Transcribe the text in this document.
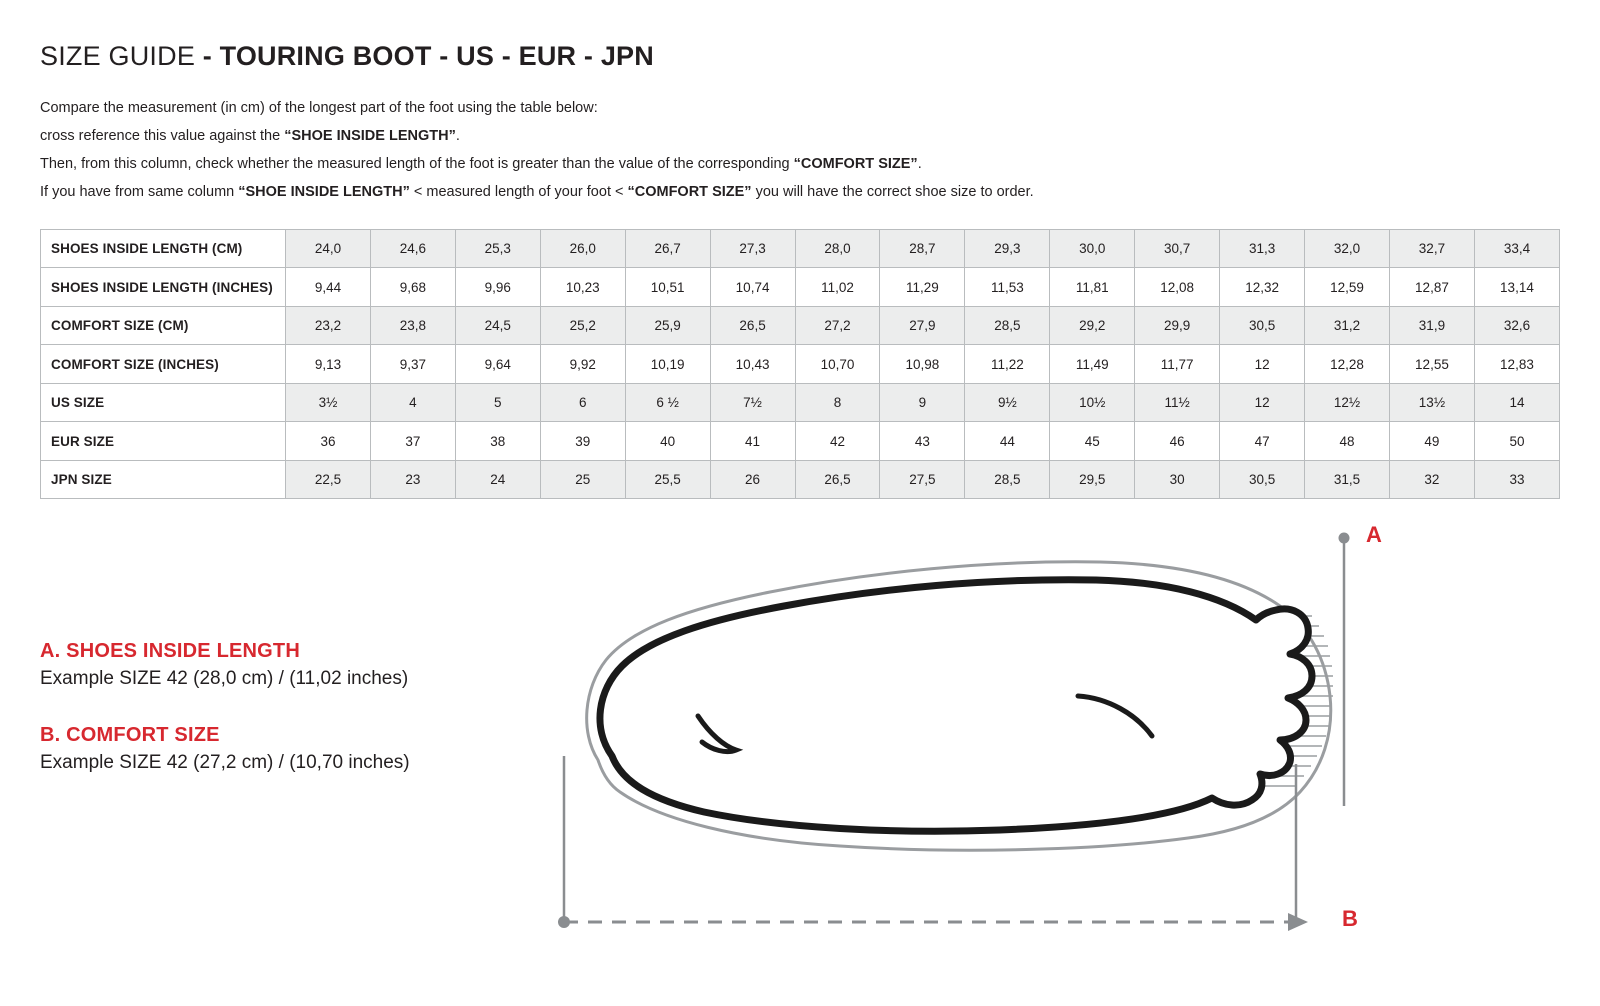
SIZE GUIDE - TOURING BOOT - US - EUR - JPN
Compare the measurement (in cm) of the longest part of the foot using the table below:
cross reference this value against the “SHOE INSIDE LENGTH”.
Then, from this column, check whether the measured length of the foot is greater than the value of the corresponding “COMFORT SIZE”.
If you have from same column “SHOE INSIDE LENGTH” < measured length of your foot < “COMFORT SIZE” you will have the correct shoe size to order.
SHOES INSIDE LENGTH (CM)	24,0	24,6	25,3	26,0	26,7	27,3	28,0	28,7	29,3	30,0	30,7	31,3	32,0	32,7	33,4
SHOES INSIDE LENGTH (INCHES)	9,44	9,68	9,96	10,23	10,51	10,74	11,02	11,29	11,53	11,81	12,08	12,32	12,59	12,87	13,14
COMFORT SIZE (CM)	23,2	23,8	24,5	25,2	25,9	26,5	27,2	27,9	28,5	29,2	29,9	30,5	31,2	31,9	32,6
COMFORT SIZE (INCHES)	9,13	9,37	9,64	9,92	10,19	10,43	10,70	10,98	11,22	11,49	11,77	12	12,28	12,55	12,83
US SIZE	3½	4	5	6	6 ½	7½	8	9	9½	10½	11½	12	12½	13½	14
EUR SIZE	36	37	38	39	40	41	42	43	44	45	46	47	48	49	50
JPN SIZE	22,5	23	24	25	25,5	26	26,5	27,5	28,5	29,5	30	30,5	31,5	32	33
A. SHOES INSIDE LENGTH

Example SIZE 42 (28,0 cm) / (11,02 inches)

B. COMFORT SIZE

Example SIZE 42 (27,2 cm) / (10,70 inches)

A
B
